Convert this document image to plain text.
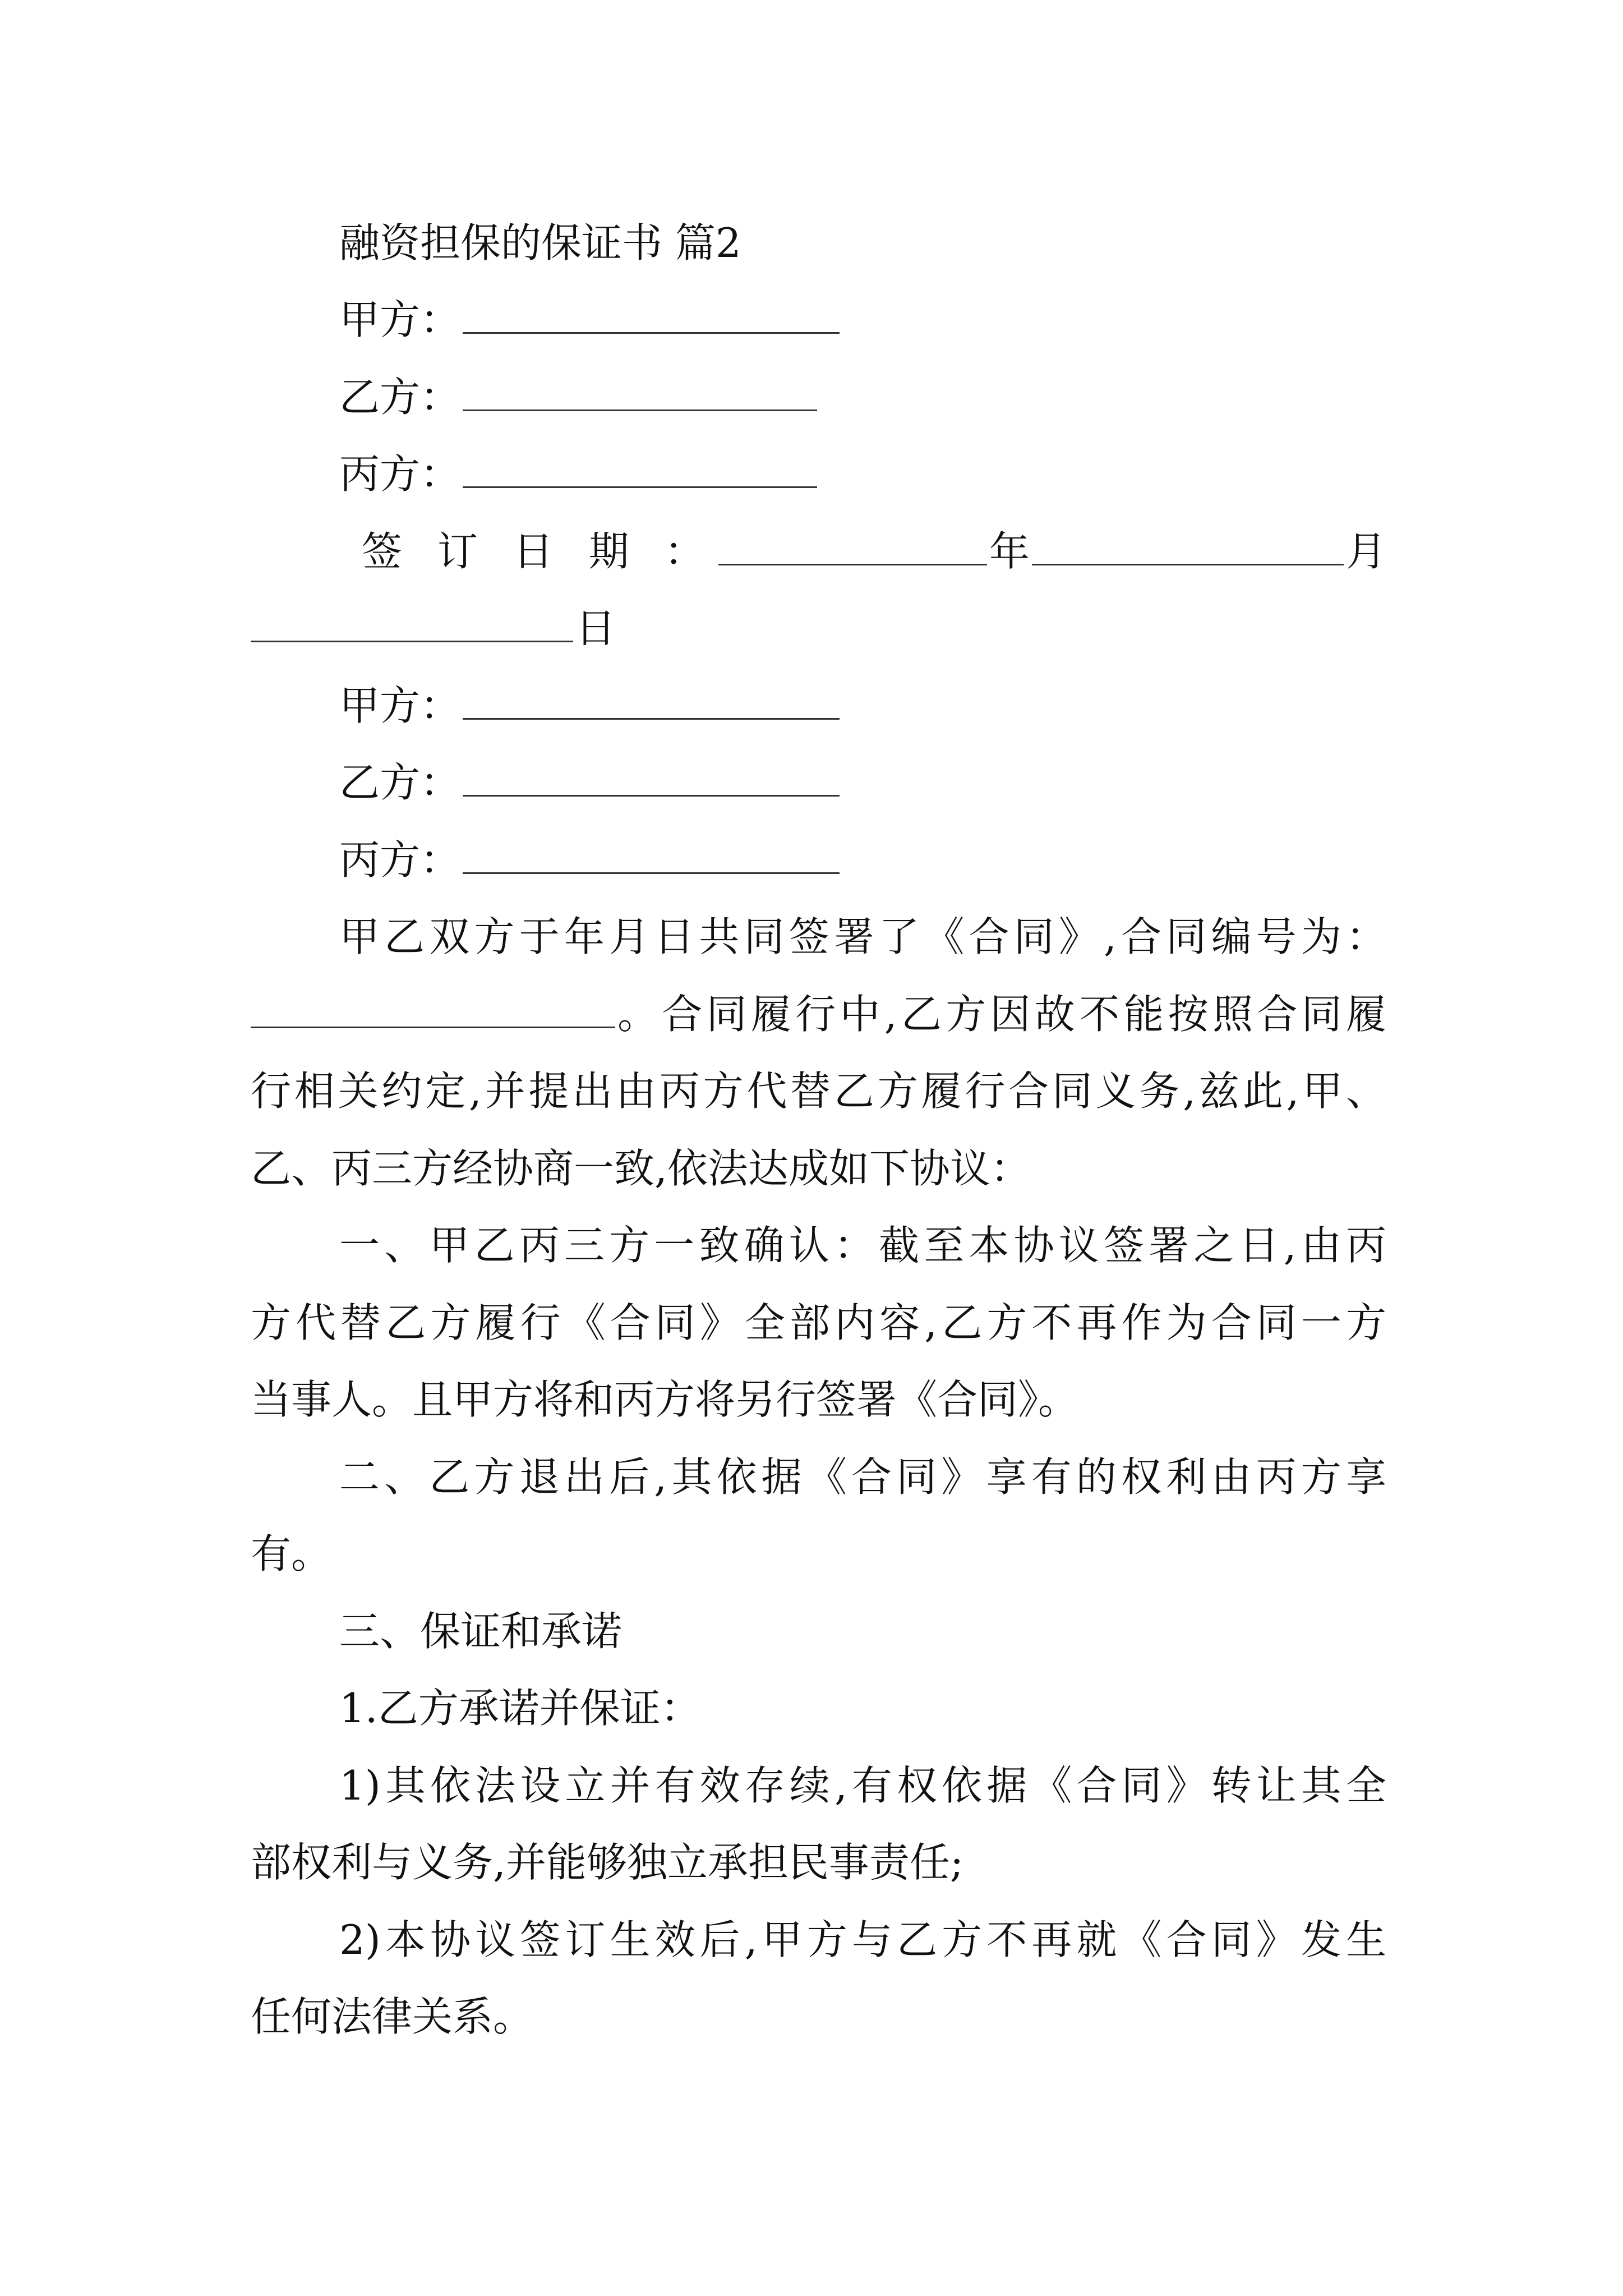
融资担保的保证书 篇2
甲方：
乙方：
丙方：
签 订 日 期 ：	年	月
日
甲方：
乙方：
丙方：
甲乙双方于年月日共同签署了《合同》,合同编号为：
。合同履行中,乙方因故不能按照合同履
行相关约定,并提出由丙方代替乙方履行合同义务,兹此,甲、
乙、丙三方经协商一致,依法达成如下协议：
一、甲乙丙三方一致确认：截至本协议签署之日,由丙
方代替乙方履行《合同》全部内容,乙方不再作为合同一方
当事人。且甲方将和丙方将另行签署《合同》。
二、乙方退出后,其依据《合同》享有的权利由丙方享
有。
三、保证和承诺
1.乙方承诺并保证：
1)其依法设立并有效存续,有权依据《合同》转让其全
部权利与义务,并能够独立承担民事责任;
2)本协议签订生效后,甲方与乙方不再就《合同》发生
任何法律关系。
